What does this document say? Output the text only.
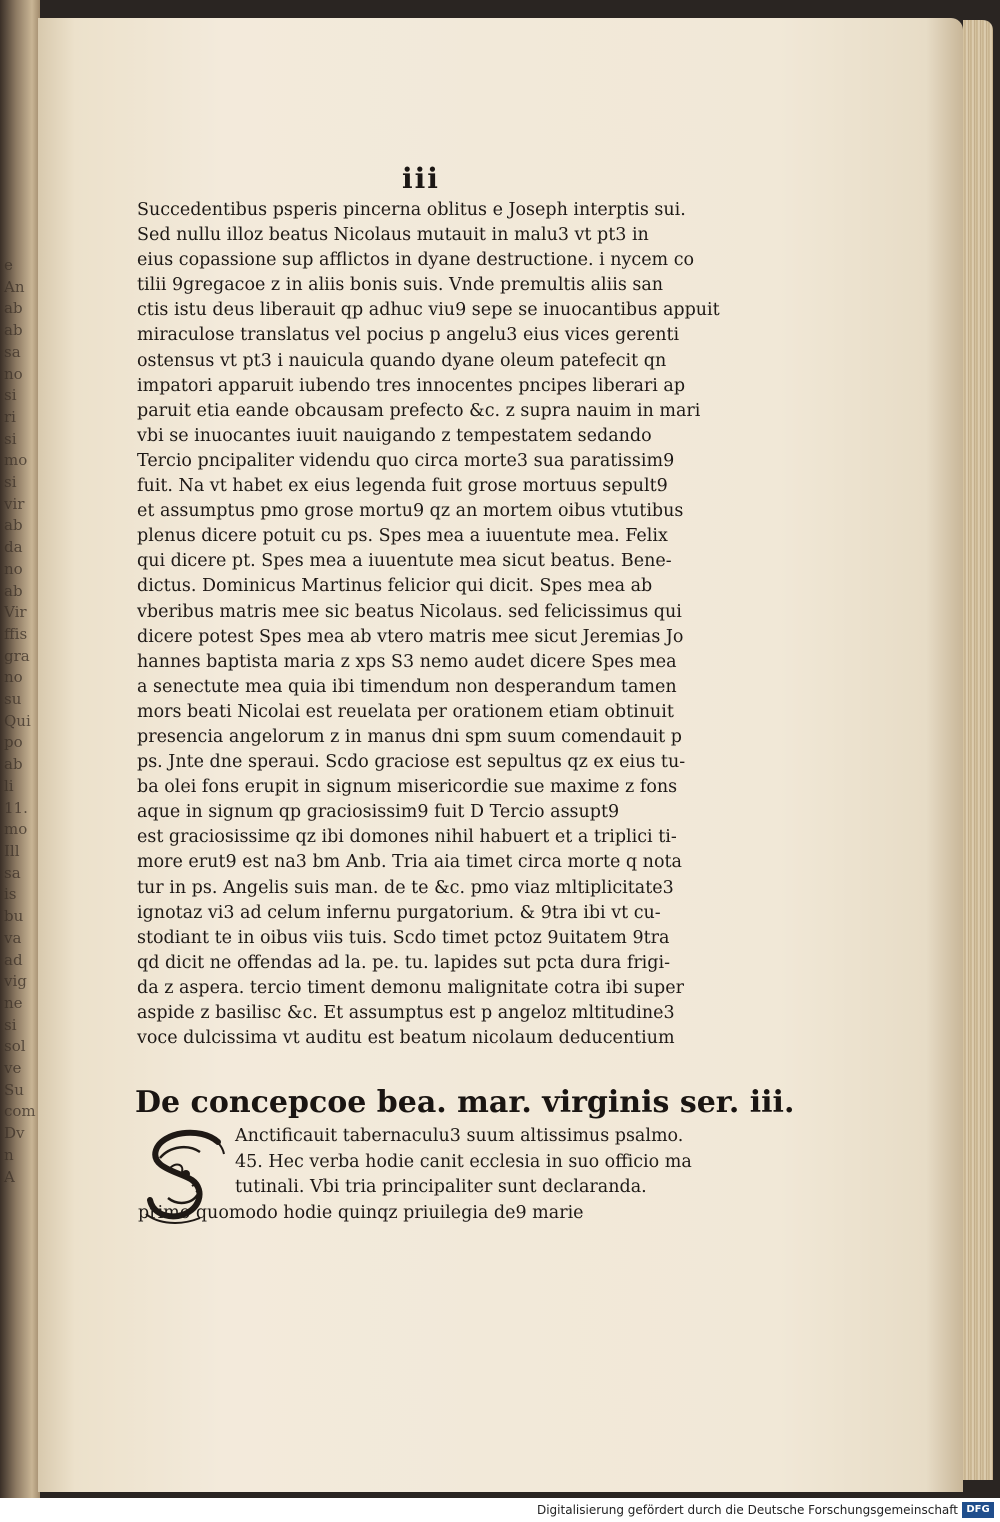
e
An
ab
ab
sa
no
si
ri
si
mo
si
vir
ab
da
no
ab
Vir
ffis
gra
no
su
Qui
po
ab
li
11.
mo
Ill
sa
is
bu
va
ad
vig
ne
si
sol
ve
Su
com
Dv
n
A
iii
Succedentibus psperis pincerna oblitus e Joseph interptis sui.
Sed nullu illoz beatus Nicolaus mutauit in malu3 vt pt3 in
eius copassione sup afflictos in dyane destructione. i nycem co
tilii 9gregacoe z in aliis bonis suis. Vnde premultis aliis san
ctis istu deus liberauit qp adhuc viu9 sepe se inuocantibus appuit
miraculose translatus vel pocius p angelu3 eius vices gerenti
ostensus vt pt3 i nauicula quando dyane oleum patefecit qn
impatori apparuit iubendo tres innocentes pncipes liberari ap
paruit etia eande obcausam prefecto &c. z supra nauim in mari
vbi se inuocantes iuuit nauigando z tempestatem sedando
Tercio pncipaliter videndu quo circa morte3 sua paratissim9
fuit. Na vt habet ex eius legenda fuit grose mortuus sepult9
et assumptus pmo grose mortu9 qz an mortem oibus vtutibus
plenus dicere potuit cu ps. Spes mea a iuuentute mea. Felix
qui dicere pt. Spes mea a iuuentute mea sicut beatus. Bene-
dictus. Dominicus Martinus felicior qui dicit. Spes mea ab
vberibus matris mee sic beatus Nicolaus. sed felicissimus qui
dicere potest Spes mea ab vtero matris mee sicut Jeremias Jo
hannes baptista maria z xps S3 nemo audet dicere Spes mea
a senectute mea quia ibi timendum non desperandum tamen
mors beati Nicolai est reuelata per orationem etiam obtinuit
presencia angelorum z in manus dni spm suum comendauit p
ps. Jnte dne speraui. Scdo graciose est sepultus qz ex eius tu-
ba olei fons erupit in signum misericordie sue maxime z fons
aque in signum qp graciosissim9 fuit D Tercio assupt9
est graciosissime qz ibi domones nihil habuert et a triplici ti-
more erut9 est na3 bm Anb. Tria aia timet circa morte q nota
tur in ps. Angelis suis man. de te &c. pmo viaz mltiplicitate3
ignotaz vi3 ad celum infernu purgatorium. & 9tra ibi vt cu-
stodiant te in oibus viis tuis. Scdo timet pctoz 9uitatem 9tra
qd dicit ne offendas ad la. pe. tu. lapides sut pcta dura frigi-
da z aspera. tercio timent demonu malignitate cotra ibi super
aspide z basilisc &c. Et assumptus est p angeloz mltitudine3
voce dulcissima vt auditu est beatum nicolaum deducentium
De concepcoe bea. mar. virginis ser. iii.
Anctificauit tabernaculu3 suum altissimus psalmo.
45. Hec verba hodie canit ecclesia in suo officio ma
tutinali. Vbi tria principaliter sunt declaranda.
primo quomodo hodie quinqz priuilegia de9 marie
Digitalisierung gefördert durch die Deutsche Forschungsgemeinschaft DFG
